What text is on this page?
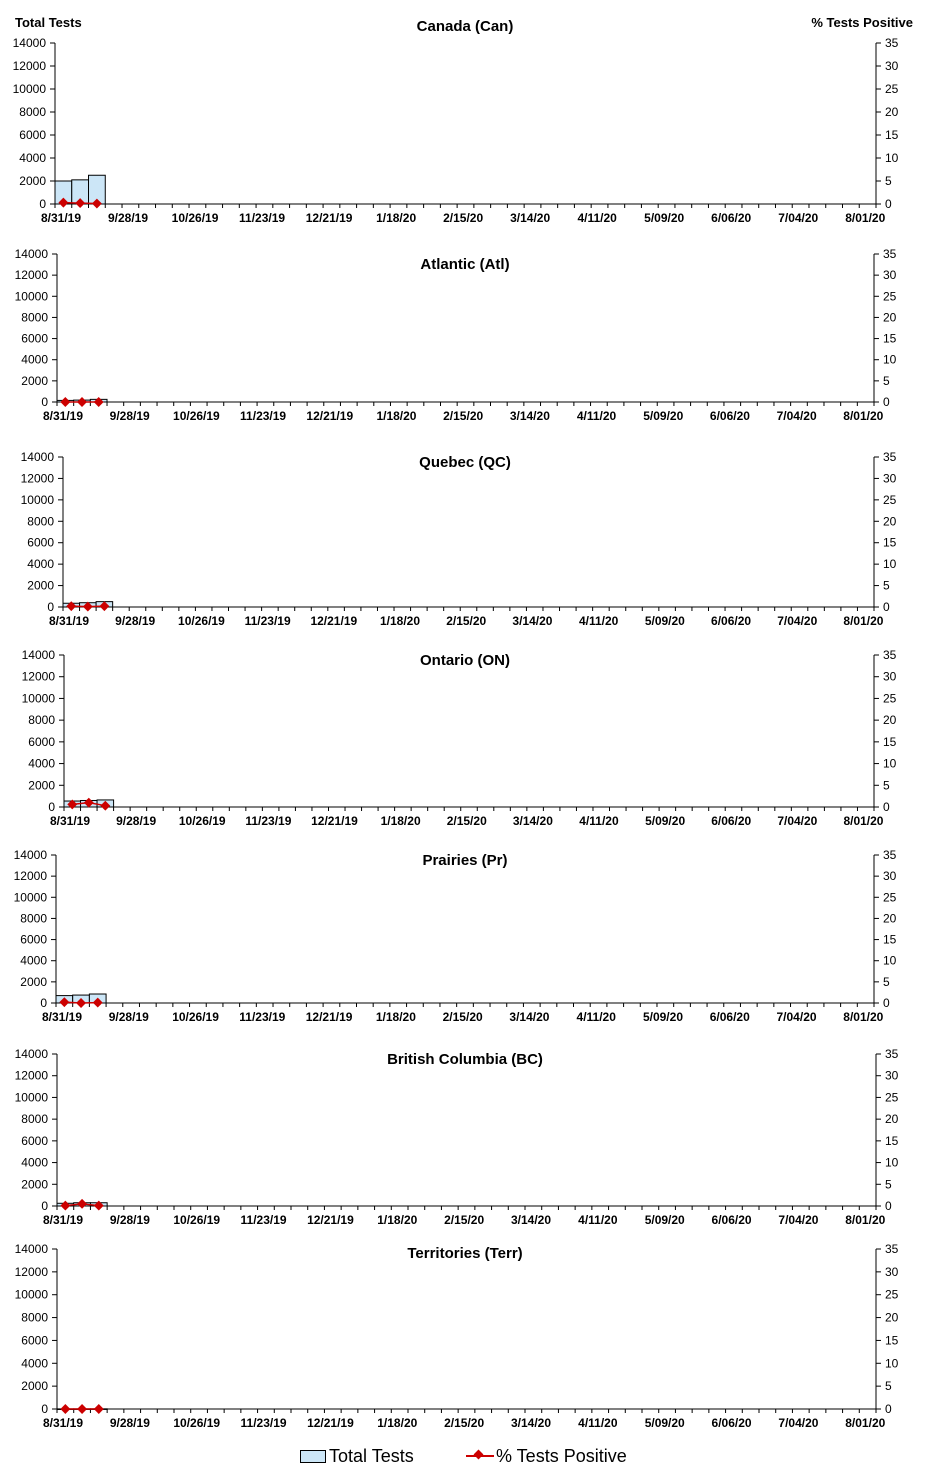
Total Tests	% Tests Positive
Canada (Can)
0
2000
4000
6000
8000
10000
12000
14000
0
5
10
15
20
25
30
35
8/31/19 9/28/19 10/26/19 11/23/19 12/21/19 1/18/20 2/15/20 3/14/20 4/11/20 5/09/20 6/06/20 7/04/20 8/01/20
Atlantic (Atl)
0
2000
4000
6000
8000
10000
12000
14000
0
5
10
15
20
25
30
35
8/31/19 9/28/19 10/26/19 11/23/19 12/21/19 1/18/20 2/15/20 3/14/20 4/11/20 5/09/20 6/06/20 7/04/20 8/01/20
Quebec (QC)
0
2000
4000
6000
8000
10000
12000
14000
0
5
10
15
20
25
30
35
8/31/19 9/28/19 10/26/19 11/23/19 12/21/19 1/18/20 2/15/20 3/14/20 4/11/20 5/09/20 6/06/20 7/04/20 8/01/20
Ontario (ON)
0
2000
4000
6000
8000
10000
12000
14000
0
5
10
15
20
25
30
35
8/31/19 9/28/19 10/26/19 11/23/19 12/21/19 1/18/20 2/15/20 3/14/20 4/11/20 5/09/20 6/06/20 7/04/20 8/01/20
Prairies (Pr)
0
2000
4000
6000
8000
10000
12000
14000
0
5
10
15
20
25
30
35
8/31/19 9/28/19 10/26/19 11/23/19 12/21/19 1/18/20 2/15/20 3/14/20 4/11/20 5/09/20 6/06/20 7/04/20 8/01/20
British Columbia (BC)
0
2000
4000
6000
8000
10000
12000
14000
0
5
10
15
20
25
30
35
8/31/19 9/28/19 10/26/19 11/23/19 12/21/19 1/18/20 2/15/20 3/14/20 4/11/20 5/09/20 6/06/20 7/04/20 8/01/20
Territories (Terr)
0
2000
4000
6000
8000
10000
12000
14000
0
5
10
15
20
25
30
35
8/31/19 9/28/19 10/26/19 11/23/19 12/21/19 1/18/20 2/15/20 3/14/20 4/11/20 5/09/20 6/06/20 7/04/20 8/01/20
Total Tests	% Tests Positive
